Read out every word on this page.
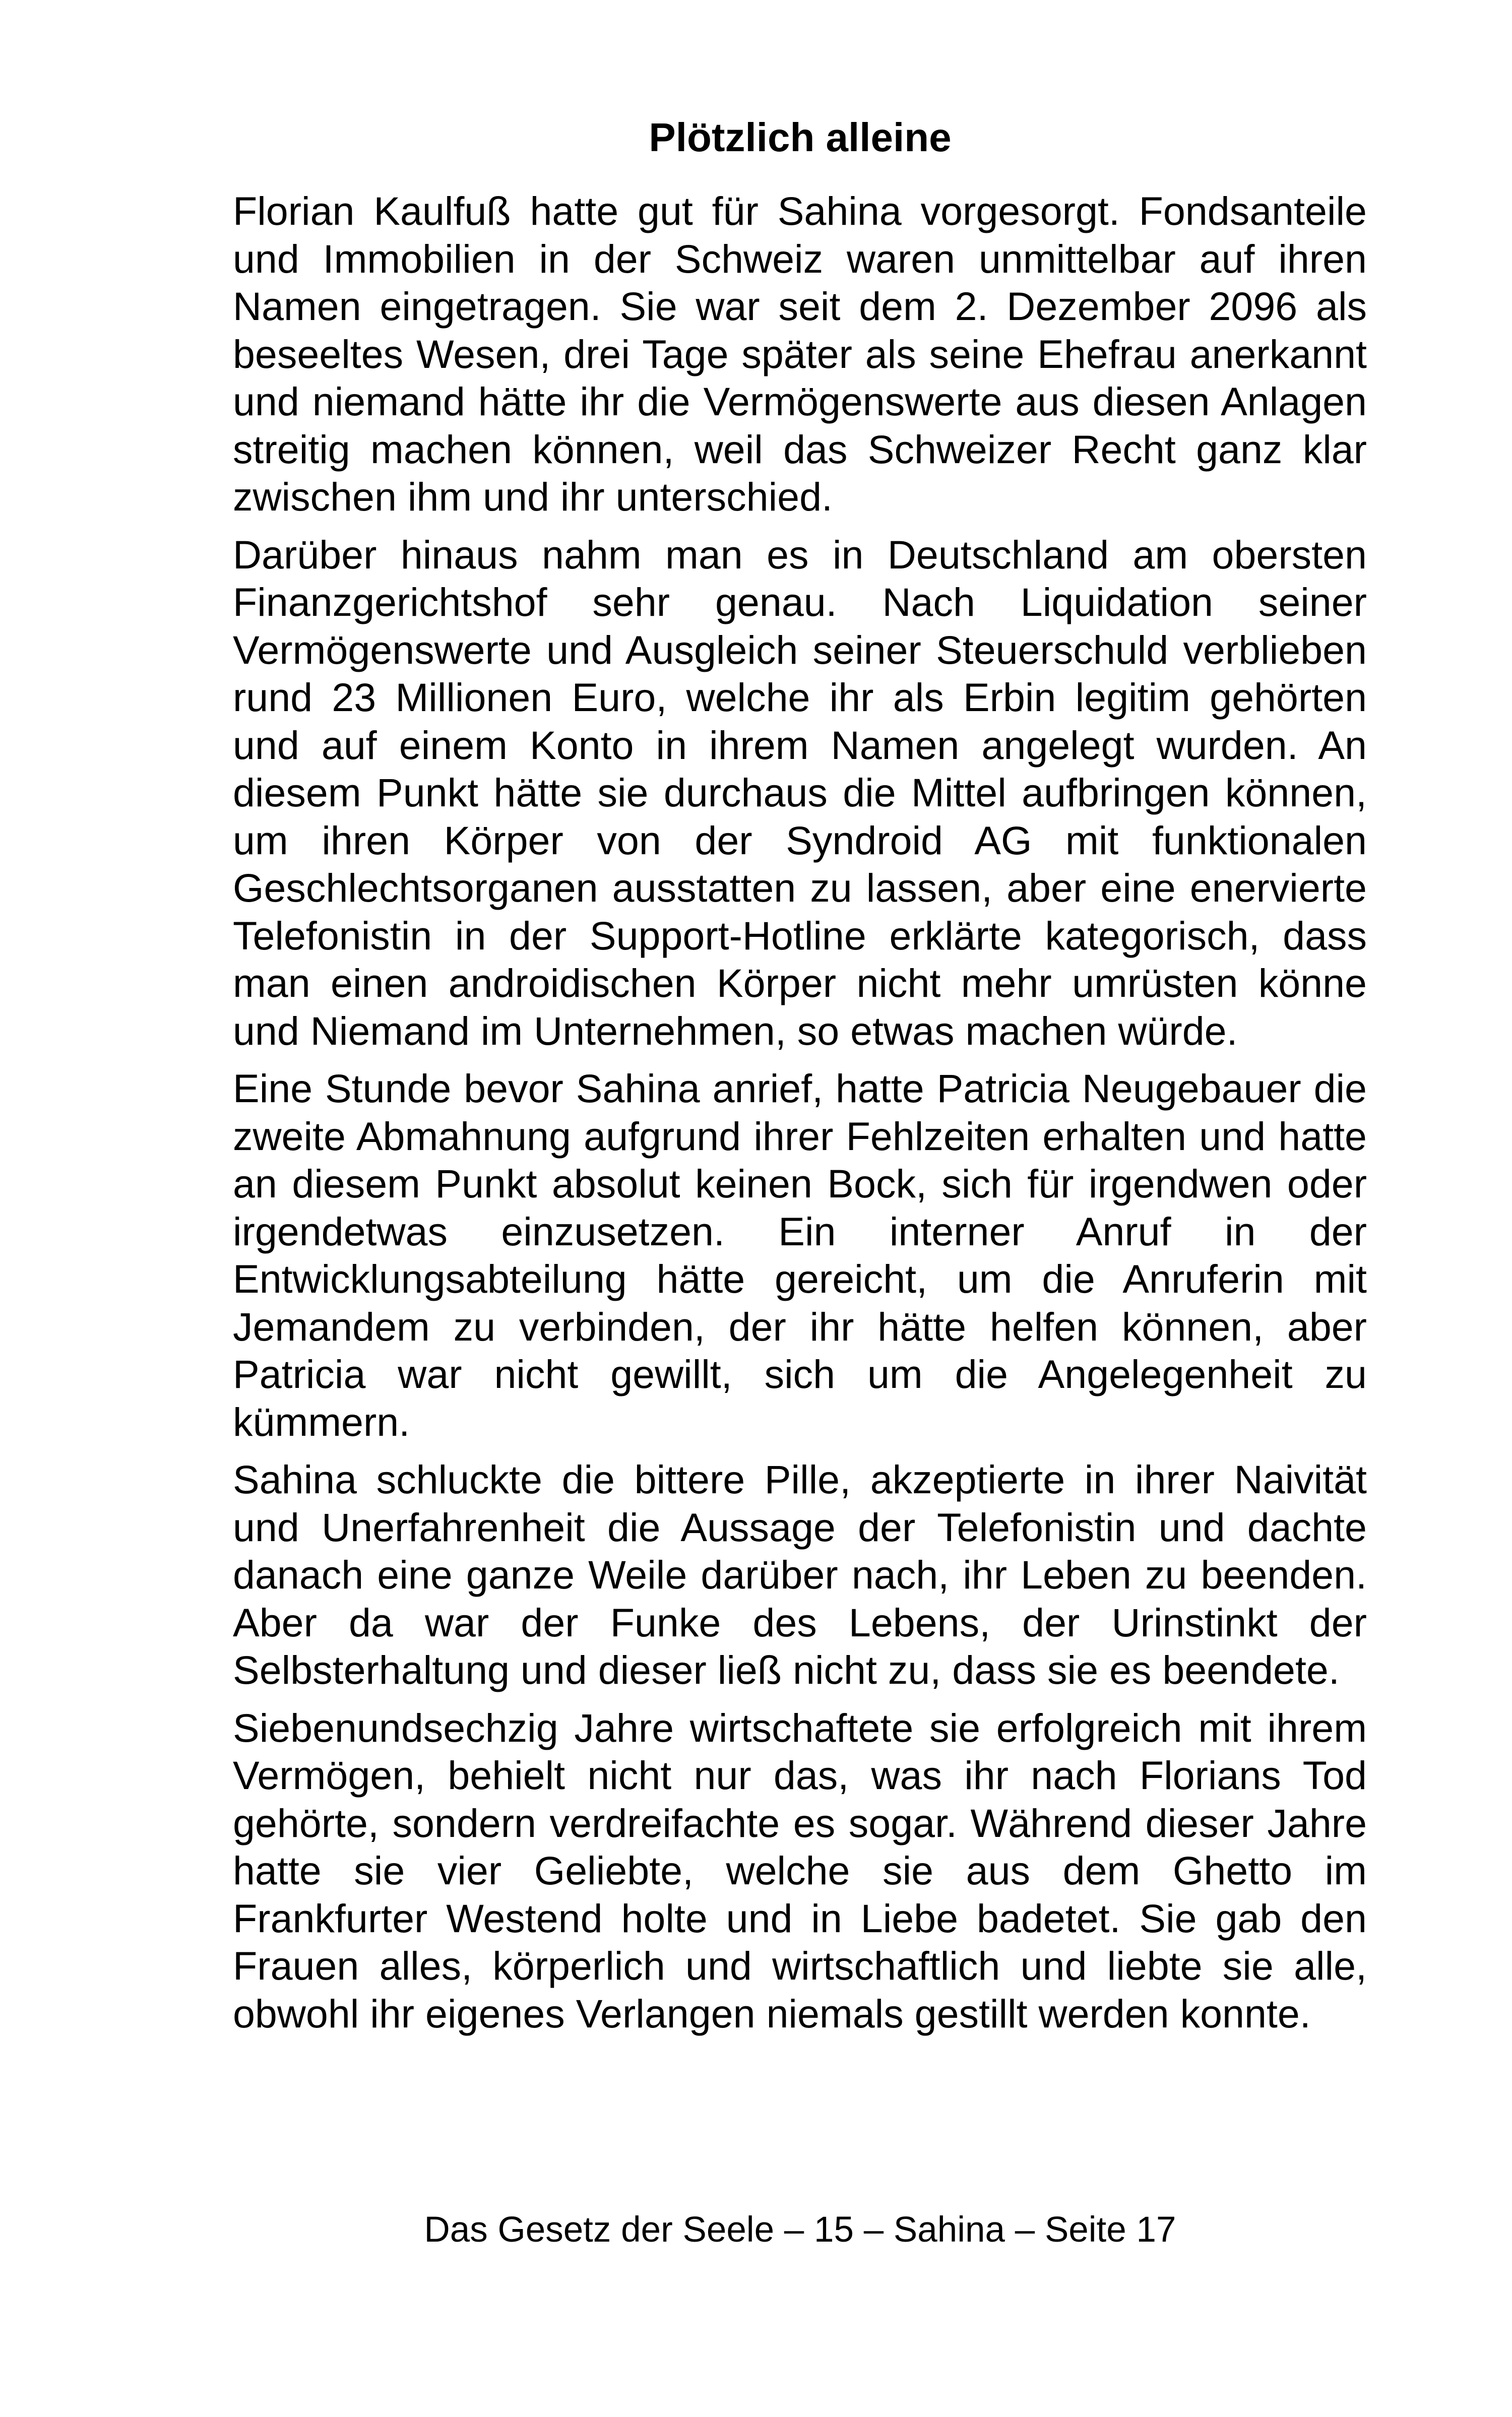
Plötzlich alleine

Florian Kaulfuß hatte gut für Sahina vorgesorgt. Fondsanteile und Immobilien in der Schweiz waren unmittelbar auf ihren Namen eingetragen. Sie war seit dem 2. Dezember 2096 als beseeltes Wesen, drei Tage später als seine Ehefrau anerkannt und niemand hätte ihr die Vermögenswerte aus diesen Anlagen streitig machen können, weil das Schweizer Recht ganz klar zwischen ihm und ihr unterschied.

Darüber hinaus nahm man es in Deutschland am obersten Finanzgerichtshof sehr genau. Nach Liquidation seiner Vermögenswerte und Ausgleich seiner Steuerschuld verblieben rund 23 Millionen Euro, welche ihr als Erbin legitim gehörten und auf einem Konto in ihrem Namen angelegt wurden. An diesem Punkt hätte sie durchaus die Mittel aufbringen können, um ihren Körper von der Syndroid AG mit funktionalen Geschlechtsorganen ausstatten zu lassen, aber eine enervierte Telefonistin in der Support-Hotline erklärte kategorisch, dass man einen androidischen Körper nicht mehr umrüsten könne und Niemand im Unternehmen, so etwas machen würde.

Eine Stunde bevor Sahina anrief, hatte Patricia Neugebauer die zweite Abmahnung aufgrund ihrer Fehlzeiten erhalten und hatte an diesem Punkt absolut keinen Bock, sich für irgendwen oder irgendetwas einzusetzen. Ein interner Anruf in der Entwicklungsabteilung hätte gereicht, um die Anruferin mit Jemandem zu verbinden, der ihr hätte helfen können, aber Patricia war nicht gewillt, sich um die Angelegenheit zu kümmern.

Sahina schluckte die bittere Pille, akzeptierte in ihrer Naivität und Unerfahrenheit die Aussage der Telefonistin und dachte danach eine ganze Weile darüber nach, ihr Leben zu beenden. Aber da war der Funke des Lebens, der Urinstinkt der Selbsterhaltung und dieser ließ nicht zu, dass sie es beendete.

Siebenundsechzig Jahre wirtschaftete sie erfolgreich mit ihrem Vermögen, behielt nicht nur das, was ihr nach Florians Tod gehörte, sondern verdreifachte es sogar. Während dieser Jahre hatte sie vier Geliebte, welche sie aus dem Ghetto im Frankfurter Westend holte und in Liebe badetet. Sie gab den Frauen alles, körperlich und wirtschaftlich und liebte sie alle, obwohl ihr eigenes Verlangen niemals gestillt werden konnte.

Das Gesetz der Seele – 15 – Sahina – Seite 17
